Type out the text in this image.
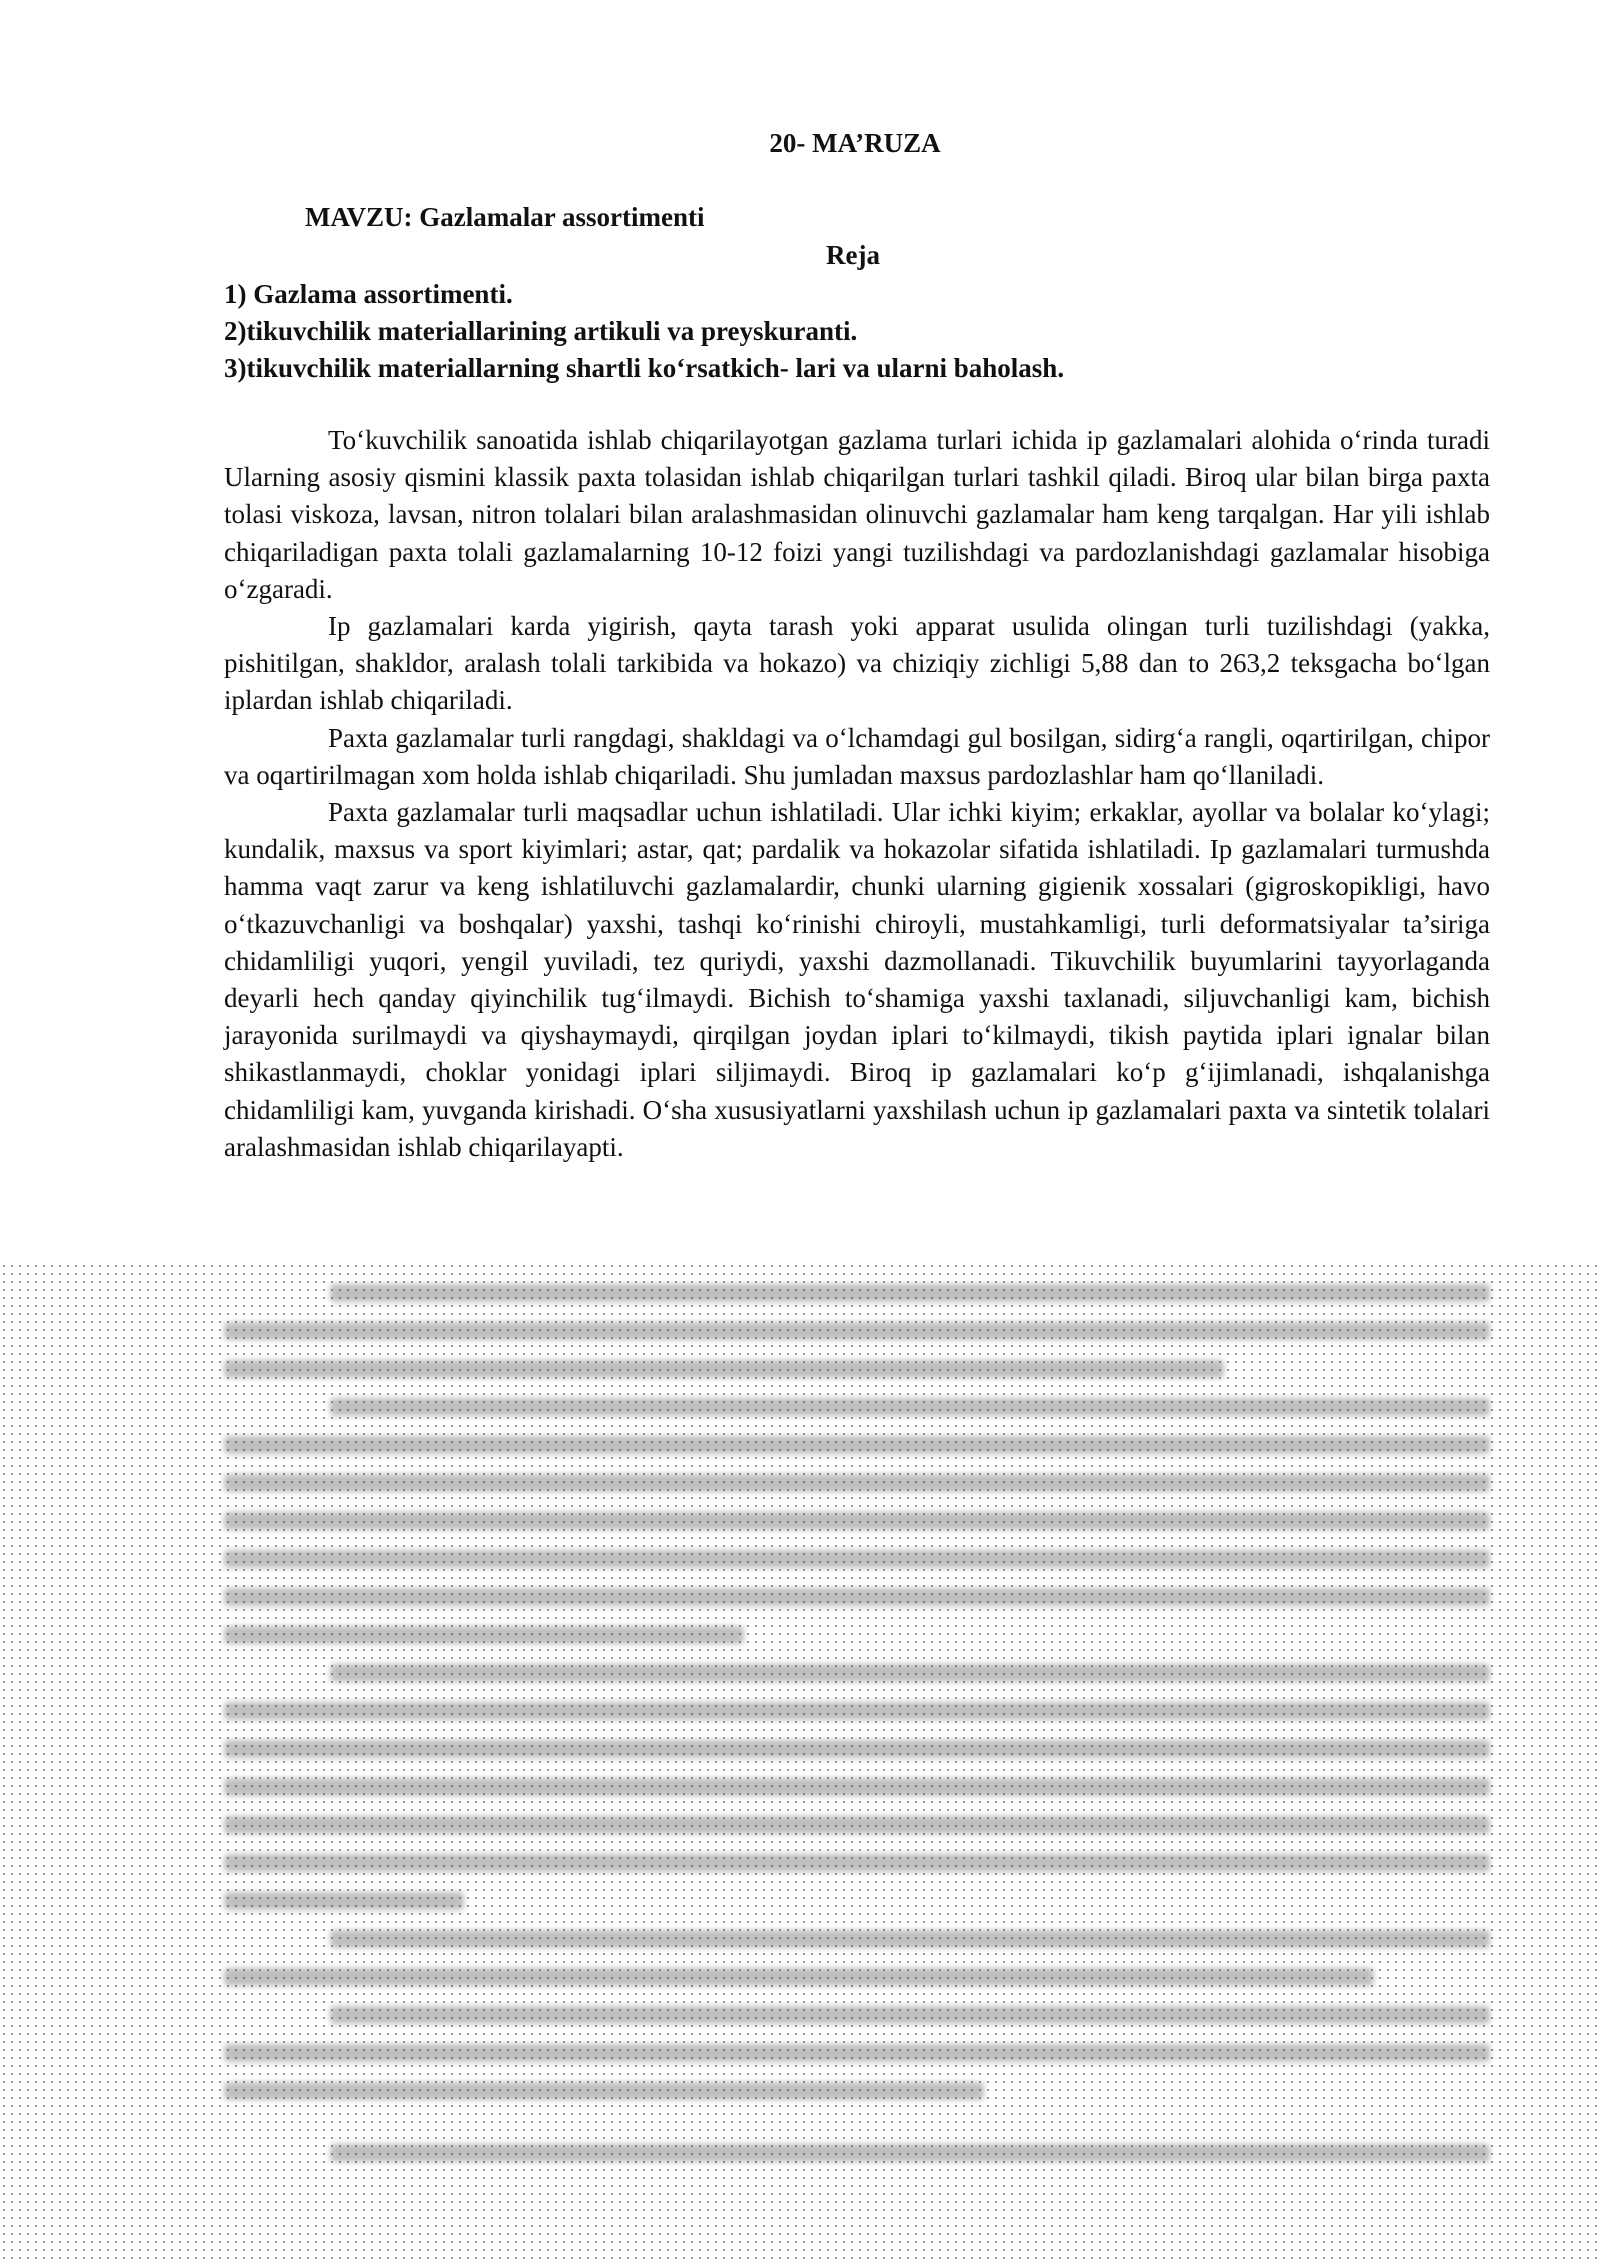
20- MA’RUZA
MAVZU: Gazlamalar assortimenti
Reja
1) Gazlama assortimenti.
2)tikuvchilik materiallarining artikuli va preyskuranti.
3)tikuvchilik materiallarning shartli ko‘rsatkich- lari va ularni baholash.

To‘kuvchilik sanoatida ishlab chiqarilayotgan gazlama turlari ichida ip gazlamalari alohida o‘rinda turadi Ularning asosiy qismini klassik paxta tolasidan ishlab chiqarilgan turlari tashkil qiladi. Biroq ular bilan birga paxta tolasi viskoza, lavsan, nitron tolalari bilan aralashmasidan olinuvchi gazlamalar ham keng tarqalgan. Har yili ishlab chiqariladigan paxta tolali gazlamalarning 10-12 foizi yangi tuzilishdagi va pardozlanishdagi gazlamalar hisobiga o‘zgaradi.

Ip gazlamalari karda yigirish, qayta tarash yoki apparat usulida olingan turli tuzilishdagi (yakka, pishitilgan, shakldor, aralash tolali tarkibida va hokazo) va chiziqiy zichligi 5,88 dan to 263,2 teksgacha bo‘lgan iplardan ishlab chiqariladi.

Paxta gazlamalar turli rangdagi, shakldagi va o‘lchamdagi gul bosilgan, sidirg‘a rangli, oqartirilgan, chipor va oqartirilmagan xom holda ishlab chiqariladi. Shu jumladan maxsus pardozlashlar ham qo‘llaniladi.

Paxta gazlamalar turli maqsadlar uchun ishlatiladi. Ular ichki kiyim; erkaklar, ayollar va bolalar ko‘ylagi; kundalik, maxsus va sport kiyimlari; astar, qat; pardalik va hokazolar sifatida ishlatiladi. Ip gazlamalari turmushda hamma vaqt zarur va keng ishlatiluvchi gazlamalardir, chunki ularning gigienik xossalari (gigroskopikligi, havo o‘tkazuvchanligi va boshqalar) yaxshi, tashqi ko‘rinishi chiroyli, mustahkamligi, turli deformatsiyalar ta’siriga chidamliligi yuqori, yengil yuviladi, tez quriydi, yaxshi dazmollanadi. Tikuvchilik buyumlarini tayyorlaganda deyarli hech qanday qiyinchilik tug‘ilmaydi. Bichish to‘shamiga yaxshi taxlanadi, siljuvchanligi kam, bichish jarayonida surilmaydi va qiyshaymaydi, qirqilgan joydan iplari to‘kilmaydi, tikish paytida iplari ignalar bilan shikastlanmaydi, choklar yonidagi iplari siljimaydi. Biroq ip gazlamalari ko‘p g‘ijimlanadi, ishqalanishga chidamliligi kam, yuvganda kirishadi. O‘sha xususiyatlarni yaxshilash uchun ip gazlamalari paxta va sintetik tolalari aralashmasidan ishlab chiqarilayapti.
